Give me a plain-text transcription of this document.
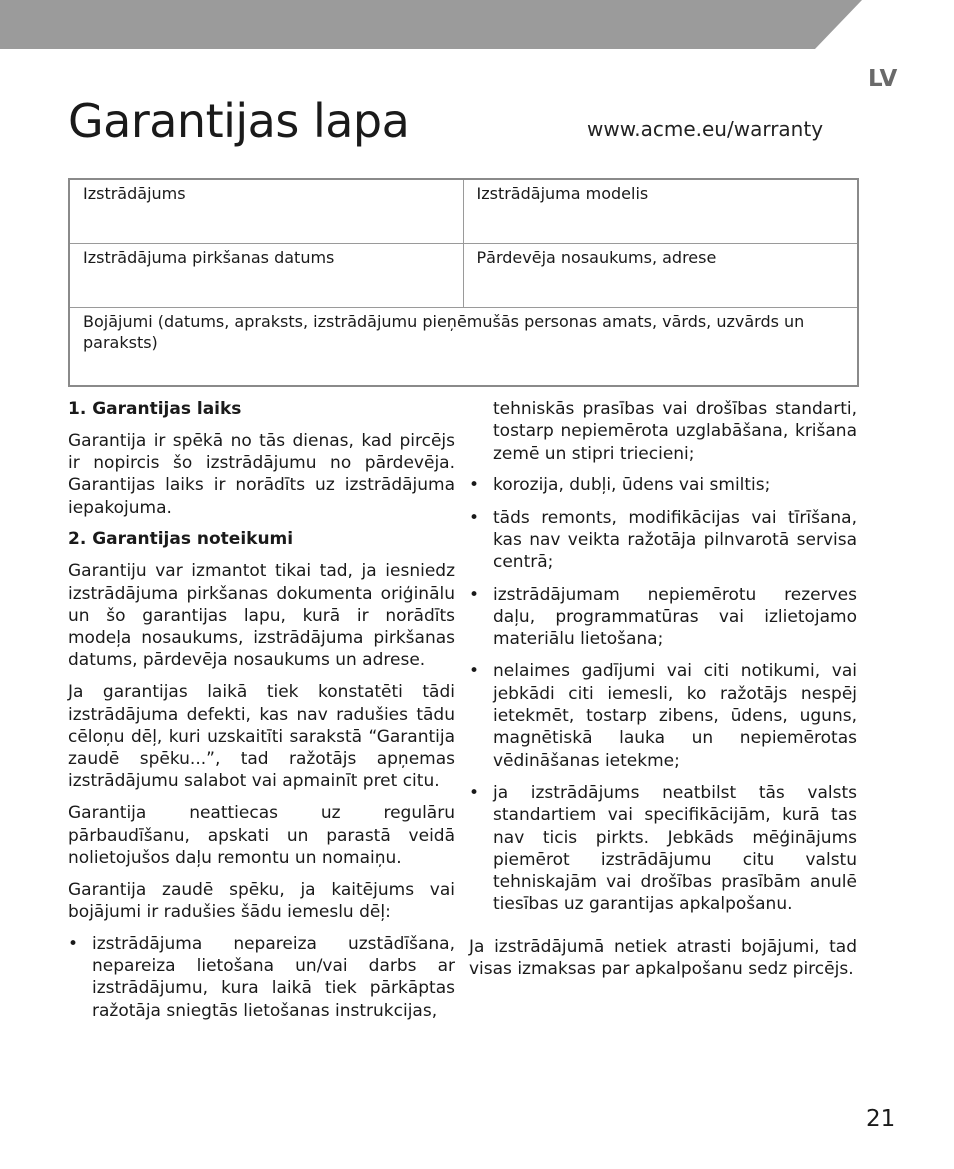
LV
Garantijas lapa	www.acme.eu/warranty
Izstrādājums	Izstrādājuma modelis
Izstrādājuma pirkšanas datums	Pārdevēja nosaukums, adrese
Bojājumi (datums, apraksts, izstrādājumu pieņēmušās personas amats, vārds, uzvārds un paraksts)	
1. Garantijas laiks

Garantija ir spēkā no tās dienas, kad pircējs ir nopircis šo izstrādājumu no pārdevēja. Garantijas laiks ir norādīts uz izstrādājuma iepakojuma.

2. Garantijas noteikumi

Garantiju var izmantot tikai tad, ja iesniedz izstrādājuma pirkšanas dokumenta oriģinālu un šo garantijas lapu, kurā ir norādīts modeļa nosaukums, izstrādājuma pirkšanas datums, pārdevēja nosaukums un adrese.

Ja garantijas laikā tiek konstatēti tādi izstrādājuma defekti, kas nav radušies tādu cēloņu dēļ, kuri uzskaitīti sarakstā “Garantija zaudē spēku...”, tad ražotājs apņemas izstrādājumu salabot vai apmainīt pret citu.

Garantija neattiecas uz regulāru pārbaudīšanu, apskati un parastā veidā nolietojušos daļu remontu un nomaiņu.

Garantija zaudē spēku, ja kaitējums vai bojājumi ir radušies šādu iemeslu dēļ:

• izstrādājuma nepareiza uzstādīšana, nepareiza lietošana un/vai darbs ar izstrādājumu, kura laikā tiek pārkāptas ražotāja sniegtās lietošanas instrukcijas,
tehniskās prasības vai drošības standarti, tostarp nepiemērota uzglabāšana, krišana zemē un stipri triecieni;
• korozija, dubļi, ūdens vai smiltis;
• tāds remonts, modifikācijas vai tīrīšana, kas nav veikta ražotāja pilnvarotā servisa centrā;
• izstrādājumam nepiemērotu rezerves daļu, programmatūras vai izlietojamo materiālu lietošana;
• nelaimes gadījumi vai citi notikumi, vai jebkādi citi iemesli, ko ražotājs nespēj ietekmēt, tostarp zibens, ūdens, uguns, magnētiskā lauka un nepiemērotas vēdināšanas ietekme;
• ja izstrādājums neatbilst tās valsts standartiem vai specifikācijām, kurā tas nav ticis pirkts. Jebkāds mēģinājums piemērot izstrādājumu citu valstu tehniskajām vai drošības prasībām anulē tiesības uz garantijas apkalpošanu.

Ja izstrādājumā netiek atrasti bojājumi, tad visas izmaksas par apkalpošanu sedz pircējs.

21
